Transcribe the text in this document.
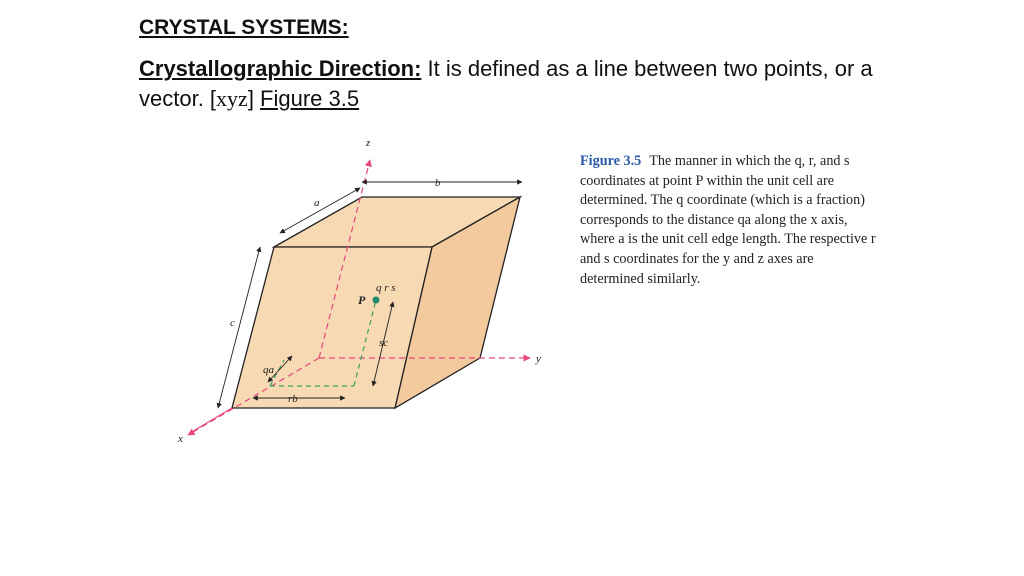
CRYSTAL SYSTEMS:
Crystallographic Direction: It is defined as a line between two points, or a vector. [xyz] Figure 3.5
z
y
x
b
a
c
q r s
P
sc
qa
rb
Figure 3.5 The manner in which the q, r, and s coordinates at point P within the unit cell are determined. The q coordinate (which is a fraction) corresponds to the distance qa along the x axis, where a is the unit cell edge length. The respective r and s coordinates for the y and z axes are determined similarly.
